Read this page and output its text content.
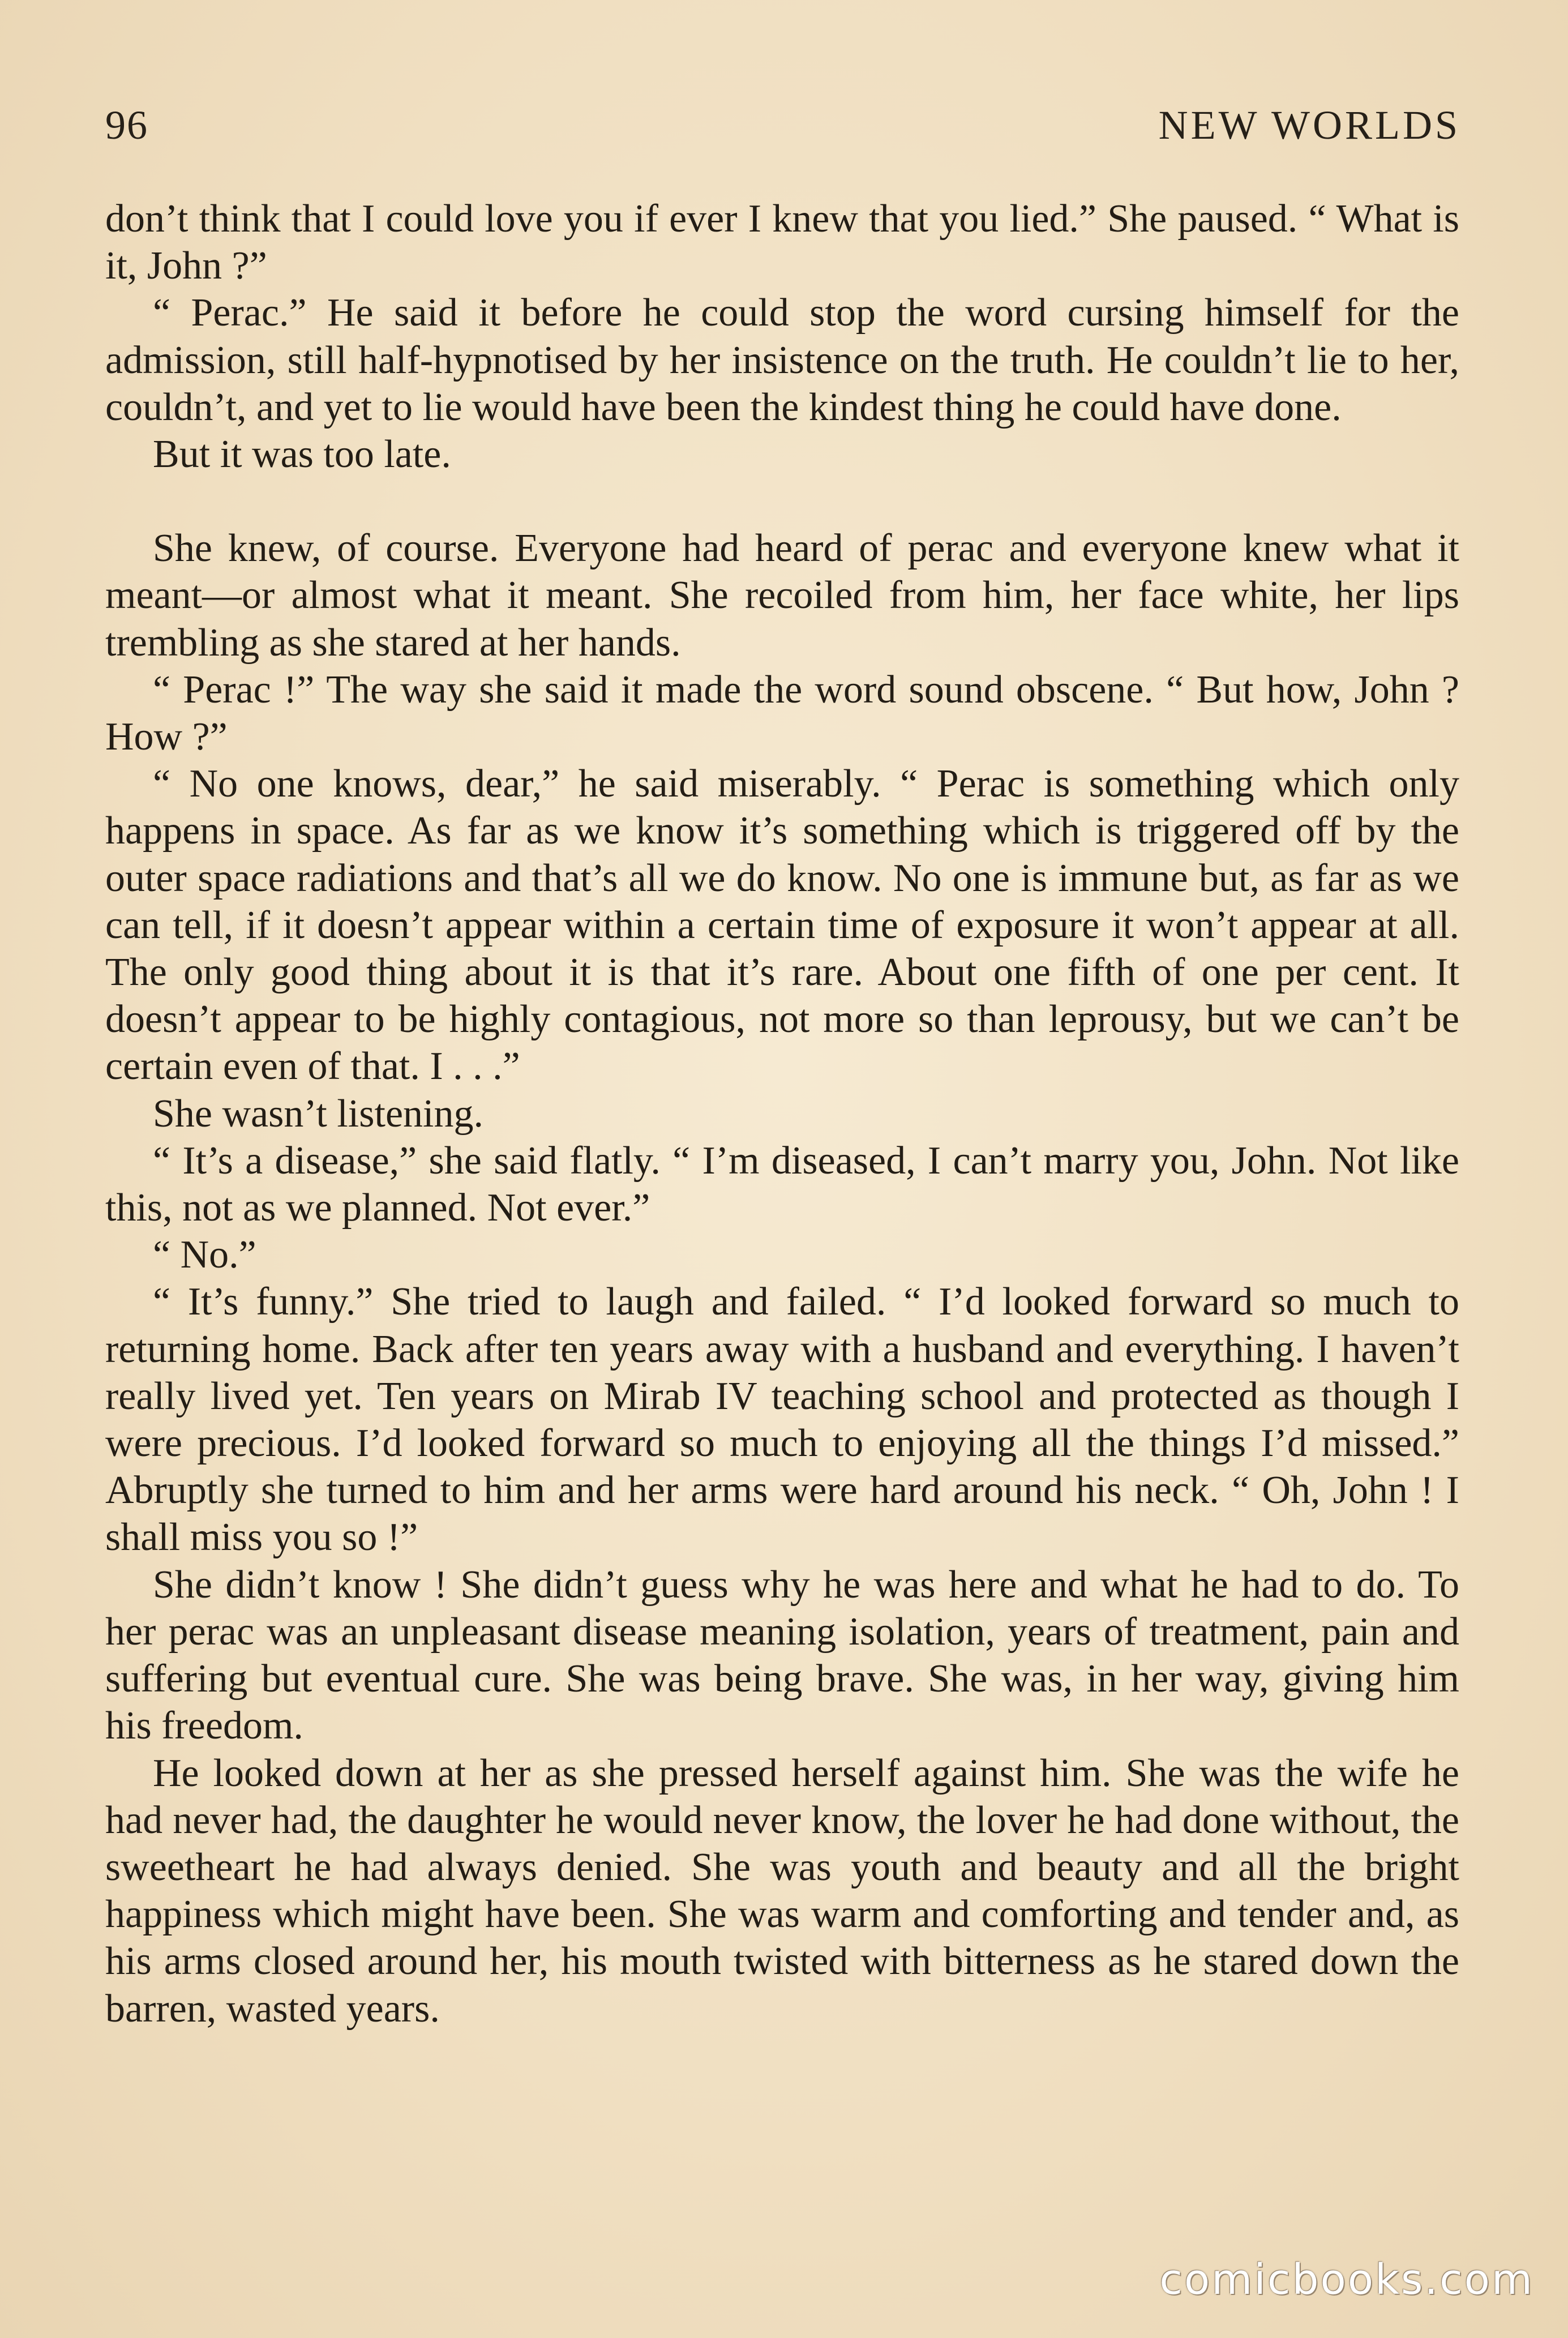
96	NEW WORLDS

don’t think that I could love you if ever I knew that you lied.” She paused. “ What is it, John ?”

“ Perac.” He said it before he could stop the word cursing himself for the admission, still half-hypnotised by her insistence on the truth. He couldn’t lie to her, couldn’t, and yet to lie would have been the kindest thing he could have done.

But it was too late.

She knew, of course. Everyone had heard of perac and everyone knew what it meant—or almost what it meant. She recoiled from him, her face white, her lips trembling as she stared at her hands.

“ Perac !” The way she said it made the word sound obscene. “ But how, John ? How ?”

“ No one knows, dear,” he said miserably. “ Perac is something which only happens in space. As far as we know it’s something which is triggered off by the outer space radiations and that’s all we do know. No one is immune but, as far as we can tell, if it doesn’t appear within a certain time of exposure it won’t appear at all. The only good thing about it is that it’s rare. About one fifth of one per cent. It doesn’t appear to be highly contagious, not more so than leprousy, but we can’t be certain even of that. I . . .”

She wasn’t listening.

“ It’s a disease,” she said flatly. “ I’m diseased, I can’t marry you, John. Not like this, not as we planned. Not ever.”

“ No.”

“ It’s funny.” She tried to laugh and failed. “ I’d looked forward so much to returning home. Back after ten years away with a husband and everything. I haven’t really lived yet. Ten years on Mirab IV teaching school and protected as though I were precious. I’d looked forward so much to enjoying all the things I’d missed.” Abruptly she turned to him and her arms were hard around his neck. “ Oh, John ! I shall miss you so !”

She didn’t know ! She didn’t guess why he was here and what he had to do. To her perac was an unpleasant disease meaning isolation, years of treatment, pain and suffering but eventual cure. She was being brave. She was, in her way, giving him his freedom.

He looked down at her as she pressed herself against him. She was the wife he had never had, the daughter he would never know, the lover he had done without, the sweetheart he had always denied. She was youth and beauty and all the bright happiness which might have been. She was warm and comforting and tender and, as his arms closed around her, his mouth twisted with bitterness as he stared down the barren, wasted years.

comicbooks.com
